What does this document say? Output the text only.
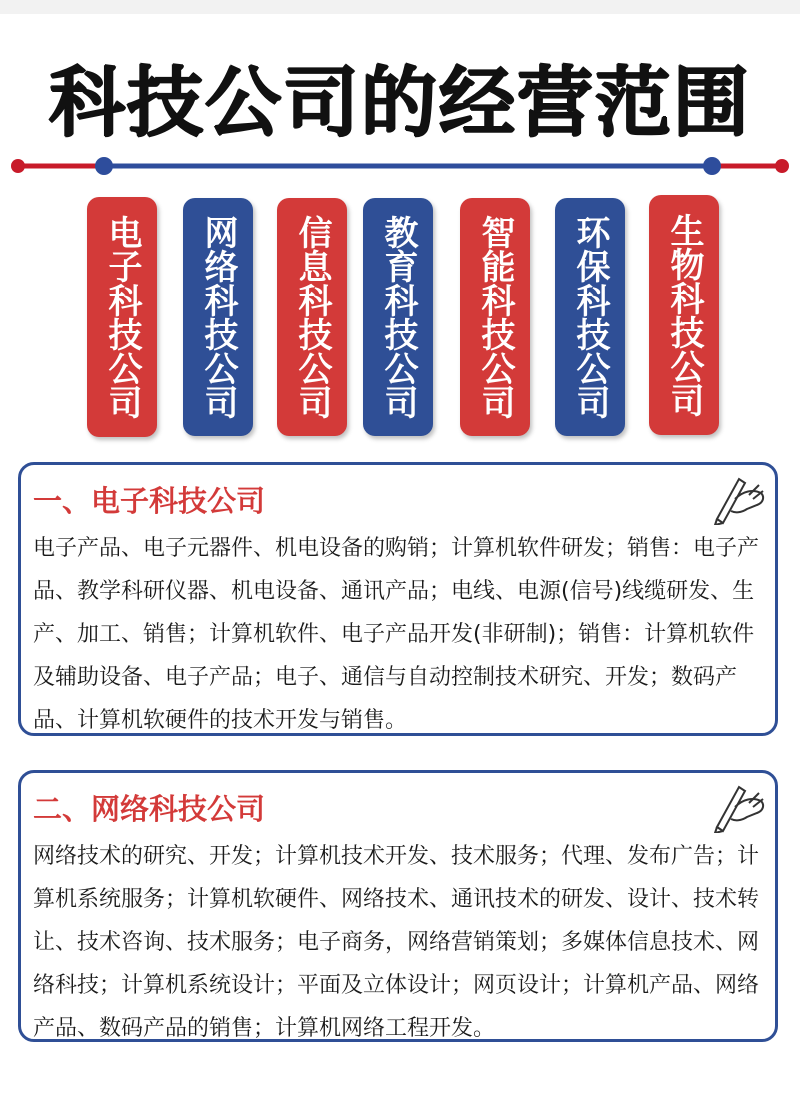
科技公司的经营范围
电子科技公司	网络科技公司	信息科技公司	教育科技公司	智能科技公司	环保科技公司	生物科技公司
一、电子科技公司

电子产品、电子元器件、机电设备的购销；计算机软件研发；销售：电子产品、教学科研仪器、机电设备、通讯产品；电线、电源(信号)线缆研发、生产、加工、销售；计算机软件、电子产品开发(非研制)；销售：计算机软件及辅助设备、电子产品；电子、通信与自动控制技术研究、开发；数码产品、计算机软硬件的技术开发与销售。

二、网络科技公司

网络技术的研究、开发；计算机技术开发、技术服务；代理、发布广告；计算机系统服务；计算机软硬件、网络技术、通讯技术的研发、设计、技术转让、技术咨询、技术服务；电子商务，网络营销策划；多媒体信息技术、网络科技；计算机系统设计；平面及立体设计；网页设计；计算机产品、网络产品、数码产品的销售；计算机网络工程开发。
